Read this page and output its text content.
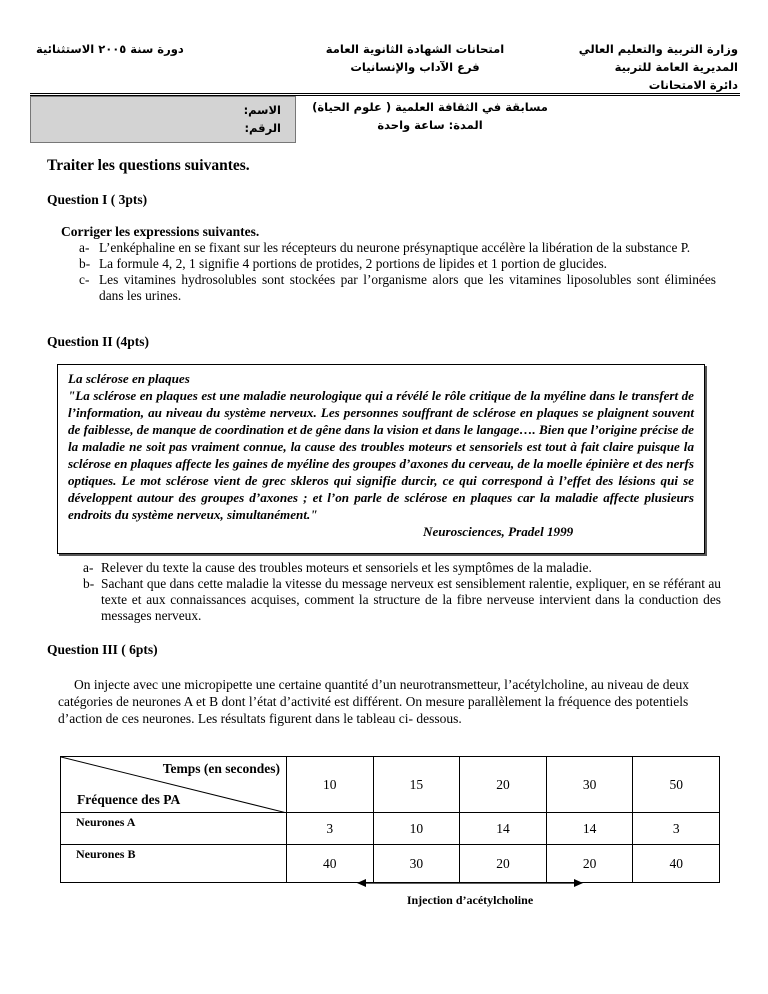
وزارة التربية والتعليم العالي
المديرية العامة للتربية
دائرة الامتحانات
امتحانات الشهادة الثانوية العامة
فرع الآداب والإنسانيات
دورة سنة ٢٠٠٥ الاستثنائية
الاسم:
الرقم:
مسابقة في الثقافة العلمية ( علوم الحياة)
المدة: ساعة واحدة
Traiter les questions suivantes.
Question I ( 3pts)
Corriger les expressions suivantes.
a- L’enképhaline en se fixant sur les récepteurs du neurone présynaptique accélère la libération de la substance P.
b- La formule 4, 2, 1 signifie 4 portions de protides, 2 portions de lipides et 1 portion de glucides.
c- Les vitamines hydrosolubles sont stockées par l’organisme alors que les vitamines liposolubles sont éliminées dans les urines.
Question II (4pts)
La sclérose en plaques
"La sclérose en plaques est une maladie neurologique qui a révélé le rôle critique de la myéline dans le transfert de l’information, au niveau du système nerveux. Les personnes souffrant de sclérose en plaques se plaignent souvent de faiblesse, de manque de coordination et de gêne dans la vision et dans le langage…. Bien que l’origine précise de la maladie ne soit pas vraiment connue, la cause des troubles moteurs et sensoriels est tout à fait claire puisque la sclérose en plaques affecte les gaines de myéline des groupes d’axones du cerveau, de la moelle épinière et des nerfs optiques. Le mot sclérose vient de grec skleros qui signifie durcir, ce qui correspond à l’effet des lésions qui se développent autour des groupes d’axones ; et l’on parle de sclérose en plaques car la maladie affecte plusieurs endroits du système nerveux, simultanément."
Neurosciences, Pradel 1999
a- Relever du texte la cause des troubles moteurs et sensoriels et les symptômes de la maladie.
b- Sachant que dans cette maladie la vitesse du message nerveux est sensiblement ralentie, expliquer, en se référant au texte et aux connaissances acquises, comment la structure de la fibre nerveuse intervient dans la conduction des messages nerveux.
Question III ( 6pts)
On injecte avec une micropipette une certaine quantité d’un neurotransmetteur, l’acétylcholine, au niveau de deux catégories de neurones A et B dont l’état d’activité est différent. On mesure parallèlement la fréquence des potentiels d’action de ces neurones. Les résultats figurent dans le tableau ci- dessous.
Temps (en secondes)
Fréquence des PA	10	15	20	30	50
Neurones A	3	10	14	14	3
Neurones B	40	30	20	20	40
Injection d’acétylcholine
